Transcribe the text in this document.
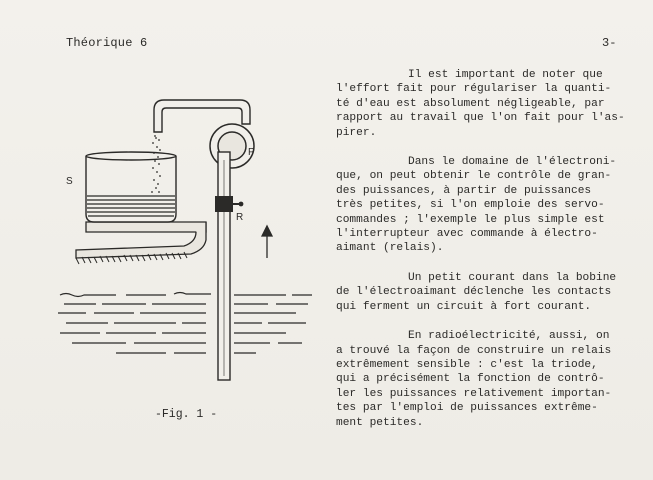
Théorique 6	3-
S
P
R
-Fig. 1 -
Il est important de noter que
l'effort fait pour régulariser la quanti-
té d'eau est absolument négligeable, par
rapport au travail que l'on fait pour l'as-
pirer.
Dans le domaine de l'électroni-
que, on peut obtenir le contrôle de gran-
des puissances, à partir de puissances
très petites, si l'on emploie des servo-
commandes ; l'exemple le plus simple est
l'interrupteur avec commande à électro-
aimant (relais).
Un petit courant dans la bobine
de l'électroaimant déclenche les contacts
qui ferment un circuit à fort courant.
En radioélectricité, aussi, on
a trouvé la façon de construire un relais
extrêmement sensible : c'est la triode,
qui a précisément la fonction de contrô-
ler les puissances relativement importan-
tes par l'emploi de puissances extrême-
ment petites.
